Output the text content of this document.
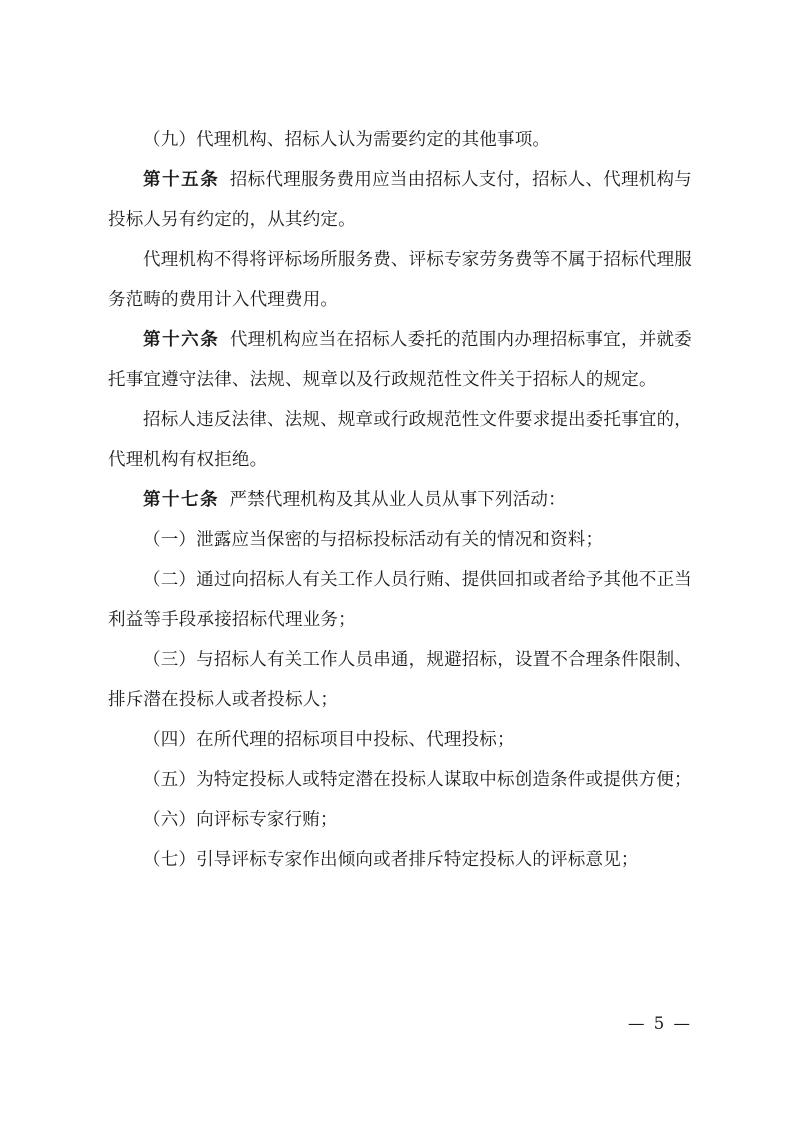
（九）代理机构、招标人认为需要约定的其他事项。

第十五条 招标代理服务费用应当由招标人支付，招标人、代理机构与投标人另有约定的，从其约定。

代理机构不得将评标场所服务费、评标专家劳务费等不属于招标代理服务范畴的费用计入代理费用。

第十六条 代理机构应当在招标人委托的范围内办理招标事宜，并就委托事宜遵守法律、法规、规章以及行政规范性文件关于招标人的规定。

招标人违反法律、法规、规章或行政规范性文件要求提出委托事宜的，代理机构有权拒绝。

第十七条 严禁代理机构及其从业人员从事下列活动：

（一）泄露应当保密的与招标投标活动有关的情况和资料；

（二）通过向招标人有关工作人员行贿、提供回扣或者给予其他不正当利益等手段承接招标代理业务；

（三）与招标人有关工作人员串通，规避招标，设置不合理条件限制、排斥潜在投标人或者投标人；

（四）在所代理的招标项目中投标、代理投标；

（五）为特定投标人或特定潜在投标人谋取中标创造条件或提供方便；

（六）向评标专家行贿；

（七）引导评标专家作出倾向或者排斥特定投标人的评标意见；

— 5 —
